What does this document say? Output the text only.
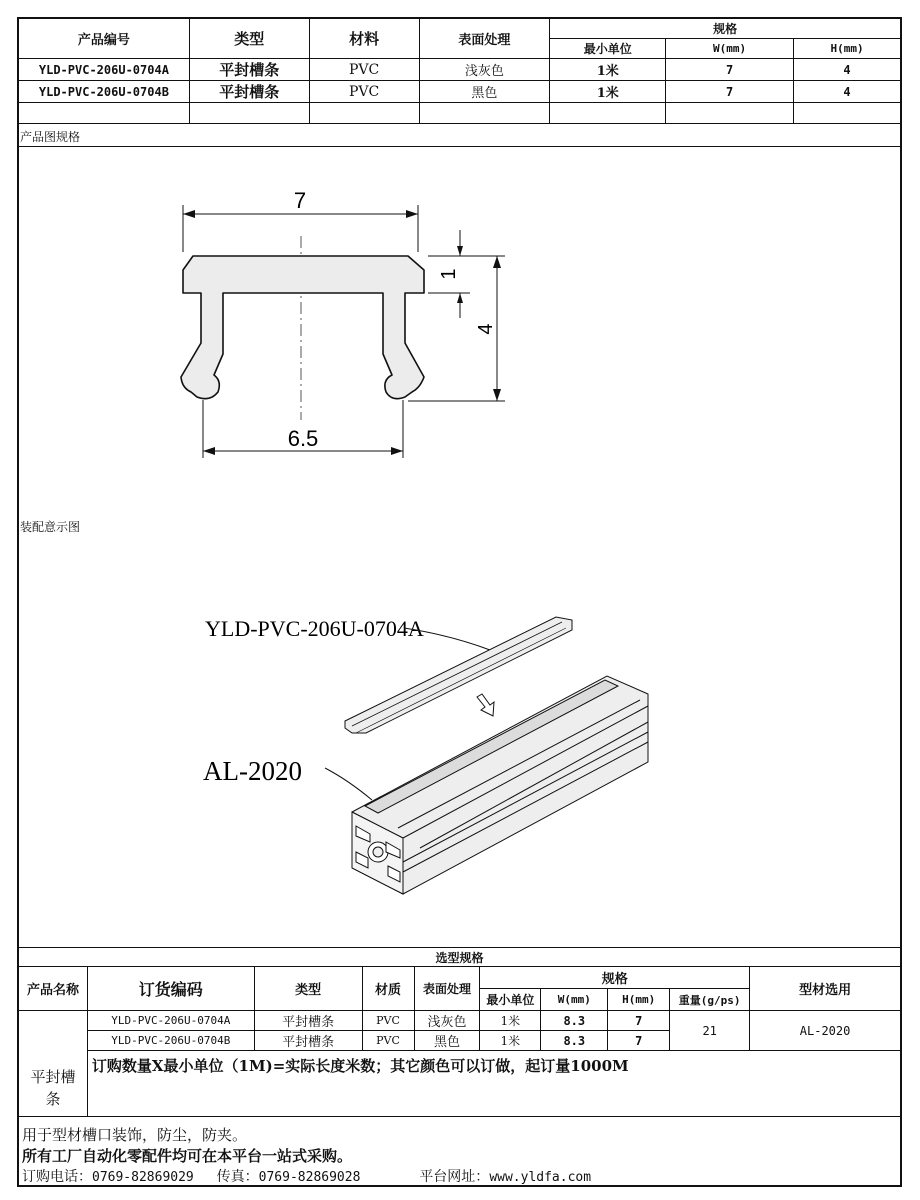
产品编号	类型	材料	表面处理	规格		
				最小单位	W(mm)	H(mm)
YLD-PVC-206U-0704A	平封槽条	PVC	浅灰色	1米	7	4
YLD-PVC-206U-0704B	平封槽条	PVC	黑色	1米	7	4

产品图规格
7
1
4
6.5
装配意示图
YLD-PVC-206U-0704A
AL-2020
选型规格									
产品名称	订货编码	类型	材质	表面处理	规格				型材选用
					最小单位	W(mm)	H(mm)	重量(g/ps)	
平封槽条	YLD-PVC-206U-0704A	平封槽条	PVC	浅灰色	1米	8.3	7	21	AL-2020
	YLD-PVC-206U-0704B	平封槽条	PVC	黑色	1米	8.3	7		
	订购数量X最小单位（1M)=实际长度米数；其它颜色可以订做，起订量1000M								
用于型材槽口装饰，防尘，防夹。
所有工厂自动化零配件均可在本平台一站式采购。
订购电话：0769-82869029 传真：0769-82869028	平台网址：www.yldfa.com
